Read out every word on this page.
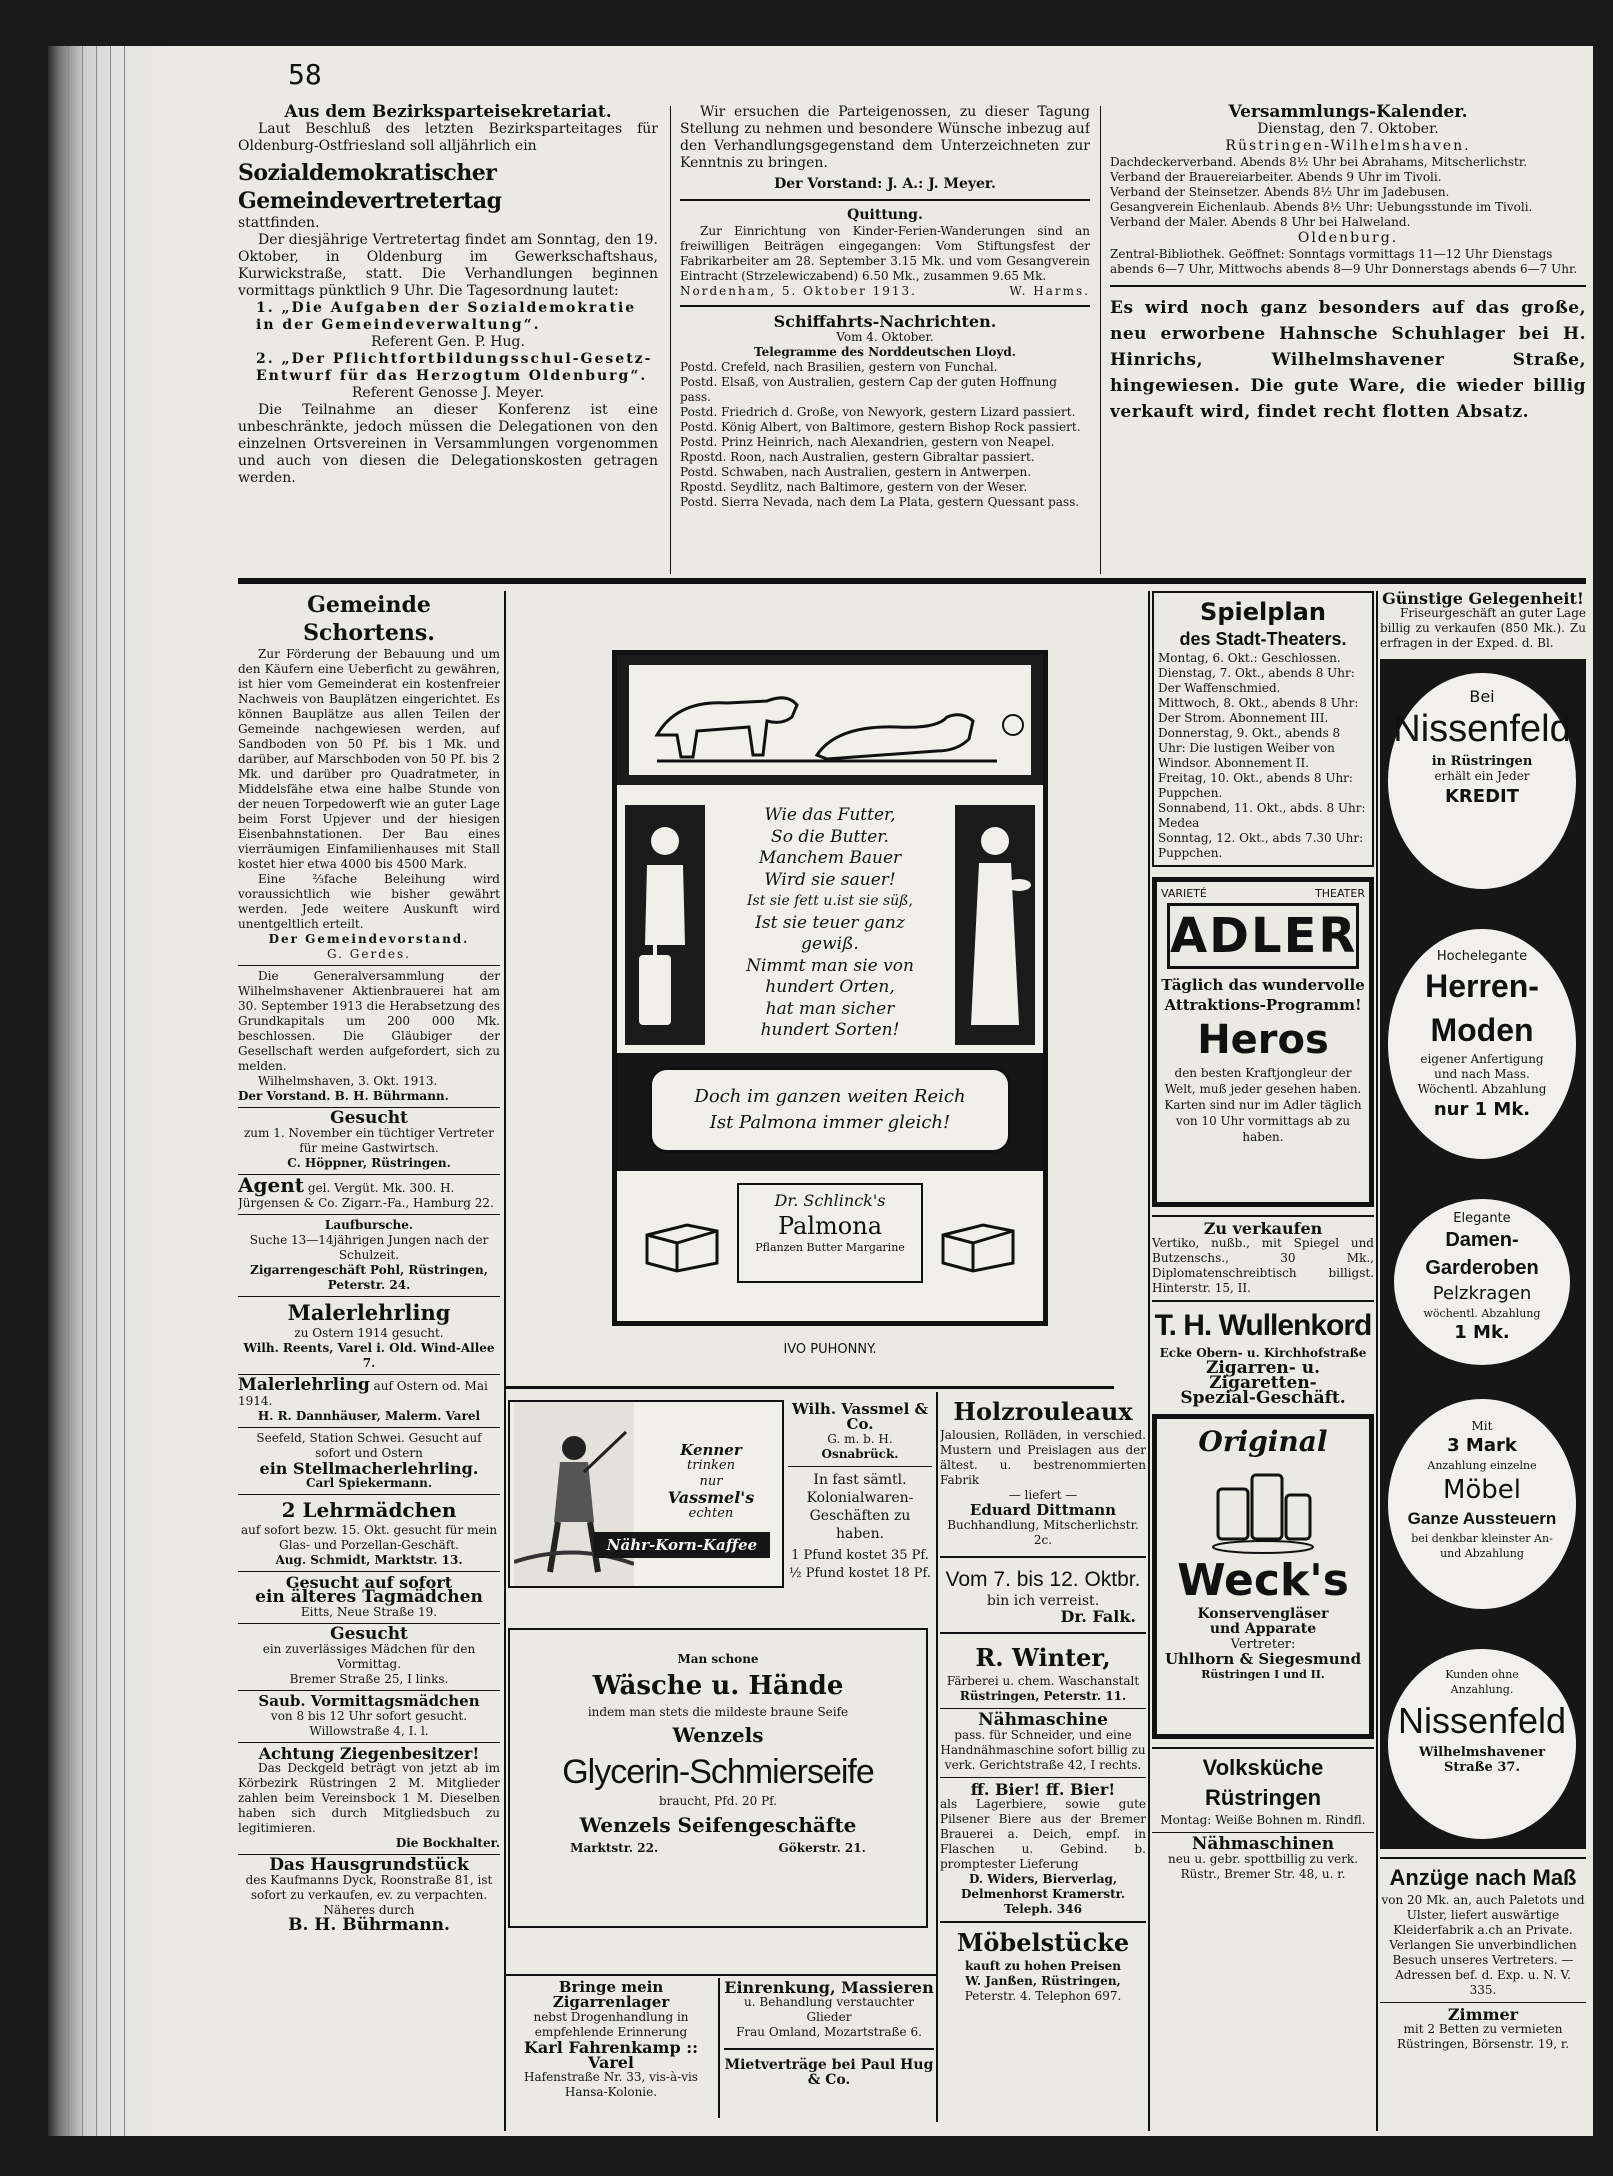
58

Aus dem Bezirksparteisekretariat.

Laut Beschluß des letzten Bezirksparteitages für Oldenburg-Ostfriesland soll alljährlich ein

Sozialdemokratischer Gemeindevertretertag

stattfinden.

Der diesjährige Vertretertag findet am Sonntag, den 19. Oktober, in Oldenburg im Gewerkschaftshaus, Kurwickstraße, statt. Die Verhandlungen beginnen vormittags pünktlich 9 Uhr. Die Tagesordnung lautet:

1. „Die Aufgaben der Sozialdemokratie in der Gemeindeverwaltung“.

Referent Gen. P. Hug.

2. „Der Pflichtfortbildungsschul-Gesetz-Entwurf für das Herzogtum Oldenburg“.

Referent Genosse J. Meyer.

Die Teilnahme an dieser Konferenz ist eine unbeschränkte, jedoch müssen die Delegationen von den einzelnen Ortsvereinen in Versammlungen vorgenommen und auch von diesen die Delegationskosten getragen werden.

Wir ersuchen die Parteigenossen, zu dieser Tagung Stellung zu nehmen und besondere Wünsche inbezug auf den Verhandlungsgegenstand dem Unterzeichneten zur Kenntnis zu bringen.

Der Vorstand: J. A.: J. Meyer.

Quittung.

Zur Einrichtung von Kinder-Ferien-Wanderungen sind an freiwilligen Beiträgen eingegangen: Vom Stiftungsfest der Fabrikarbeiter am 28. September 3.15 Mk. und vom Gesangverein Eintracht (Strzelewiczabend) 6.50 Mk., zusammen 9.65 Mk.

Nordenham, 5. Oktober 1913.	W. Harms.

Schiffahrts-Nachrichten.

Vom 4. Oktober.

Telegramme des Norddeutschen Lloyd.

Postd. Crefeld, nach Brasilien, gestern von Funchal.

Postd. Elsaß, von Australien, gestern Cap der guten Hoffnung pass.

Postd. Friedrich d. Große, von Newyork, gestern Lizard passiert.

Postd. König Albert, von Baltimore, gestern Bishop Rock passiert.

Postd. Prinz Heinrich, nach Alexandrien, gestern von Neapel.

Rpostd. Roon, nach Australien, gestern Gibraltar passiert.

Postd. Schwaben, nach Australien, gestern in Antwerpen.

Rpostd. Seydlitz, nach Baltimore, gestern von der Weser.

Postd. Sierra Nevada, nach dem La Plata, gestern Quessant pass.

Versammlungs-Kalender.

Dienstag, den 7. Oktober.

Rüstringen-Wilhelmshaven.

Dachdeckerverband. Abends 8½ Uhr bei Abrahams, Mitscherlichstr.

Verband der Brauereiarbeiter. Abends 9 Uhr im Tivoli.

Verband der Steinsetzer. Abends 8½ Uhr im Jadebusen.

Gesangverein Eichenlaub. Abends 8½ Uhr: Uebungsstunde im Tivoli.

Verband der Maler. Abends 8 Uhr bei Halweland.

Oldenburg.

Zentral-Bibliothek. Geöffnet: Sonntags vormittags 11—12 Uhr Dienstags abends 6—7 Uhr, Mittwochs abends 8—9 Uhr Donnerstags abends 6—7 Uhr.

Es wird noch ganz besonders auf das große, neu erworbene Hahnsche Schuhlager bei H. Hinrichs, Wilhelmshavener Straße, hingewiesen. Die gute Ware, die wieder billig verkauft wird, findet recht flotten Absatz.

Gemeinde Schortens.

Zur Förderung der Bebauung und um den Käufern eine Ueberficht zu gewähren, ist hier vom Gemeinderat ein kostenfreier Nachweis von Bauplätzen eingerichtet. Es können Bauplätze aus allen Teilen der Gemeinde nachgewiesen werden, auf Sandboden von 50 Pf. bis 1 Mk. und darüber, auf Marschboden von 50 Pf. bis 2 Mk. und darüber pro Quadratmeter, in Middelsfähe etwa eine halbe Stunde von der neuen Torpedowerft wie an guter Lage beim Forst Upjever und der hiesigen Eisenbahnstationen. Der Bau eines vierräumigen Einfamilienhauses mit Stall kostet hier etwa 4000 bis 4500 Mark.

Eine ⅔fache Beleihung wird voraussichtlich wie bisher gewährt werden. Jede weitere Auskunft wird unentgeltlich erteilt.

Der Gemeindevorstand.

G. Gerdes.

Die Generalversammlung der Wilhelmshavener Aktienbrauerei hat am 30. September 1913 die Herabsetzung des Grundkapitals um 200 000 Mk. beschlossen. Die Gläubiger der Gesellschaft werden aufgefordert, sich zu melden.

Wilhelmshaven, 3. Okt. 1913.

Der Vorstand. B. H. Bührmann.

Gesucht

zum 1. November ein tüchtiger Vertreter für meine Gastwirtsch.

C. Höppner, Rüstringen.

Agent gel. Vergüt. Mk. 300. H. Jürgensen & Co. Zigarr.-Fa., Hamburg 22.

Laufbursche.

Suche 13—14jährigen Jungen nach der Schulzeit.

Zigarrengeschäft Pohl, Rüstringen, Peterstr. 24.

Malerlehrling

zu Ostern 1914 gesucht.

Wilh. Reents, Varel i. Old. Wind-Allee 7.

Malerlehrling auf Ostern od. Mai 1914.

H. R. Dannhäuser, Malerm. Varel

Seefeld, Station Schwei. Gesucht auf sofort und Ostern

ein Stellmacherlehrling.

Carl Spiekermann.

2 Lehrmädchen

auf sofort bezw. 15. Okt. gesucht für mein Glas- und Porzellan-Geschäft.

Aug. Schmidt, Marktstr. 13.

Gesucht auf sofort

ein älteres Tagmädchen

Eitts, Neue Straße 19.

Gesucht

ein zuverlässiges Mädchen für den Vormittag.

Bremer Straße 25, I links.

Saub. Vormittagsmädchen

von 8 bis 12 Uhr sofort gesucht.

Willowstraße 4, I. l.

Achtung Ziegenbesitzer!

Das Deckgeld beträgt von jetzt ab im Körbezirk Rüstringen 2 M. Mitglieder zahlen beim Vereinsbock 1 M. Dieselben haben sich durch Mitgliedsbuch zu legitimieren.

Die Bockhalter.

Das Hausgrundstück

des Kaufmanns Dyck, Roonstraße 81, ist sofort zu verkaufen, ev. zu verpachten. Näheres durch

B. H. Bührmann.

Wie das Futter,

So die Butter.

Manchem Bauer

Wird sie sauer!

Ist sie fett u.ist sie süß,

Ist sie teuer ganz

gewiß.

Nimmt man sie von

hundert Orten,

hat man sicher

hundert Sorten!

Doch im ganzen weiten Reich

Ist Palmona immer gleich!

Dr. Schlinck's

Palmona

Pflanzen Butter Margarine

IVO PUHONNY.

Kenner

trinken

nur

Vassmel's

echten

Nähr-Korn-Kaffee

Wilh. Vassmel & Co.

G. m. b. H.

Osnabrück.

In fast sämtl. Kolonialwaren-Geschäften zu haben.

1 Pfund kostet 35 Pf.

½ Pfund kostet 18 Pf.

Man schone

Wäsche u. Hände

indem man stets die mildeste braune Seife

Wenzels

Glycerin-Schmierseife

braucht, Pfd. 20 Pf.

Wenzels Seifengeschäfte

Marktstr. 22.	Gökerstr. 21.

Bringe mein Zigarrenlager

nebst Drogenhandlung in empfehlende Erinnerung

Karl Fahrenkamp :: Varel

Hafenstraße Nr. 33, vis-à-vis Hansa-Kolonie.

Einrenkung, Massieren

u. Behandlung verstauchter Glieder

Frau Omland, Mozartstraße 6.

Mietverträge bei Paul Hug & Co.

Holzrouleaux

Jalousien, Rolläden, in verschied. Mustern und Preislagen aus der ältest. u. bestrenommierten Fabrik

— liefert —

Eduard Dittmann

Buchhandlung, Mitscherlichstr. 2c.

Vom 7. bis 12. Oktbr.

bin ich verreist.

Dr. Falk.

R. Winter,

Färberei u. chem. Waschanstalt

Rüstringen, Peterstr. 11.

Nähmaschine

pass. für Schneider, und eine Handnähmaschine sofort billig zu verk. Gerichtstraße 42, I rechts.

ff. Bier! ff. Bier!

als Lagerbiere, sowie gute Pilsener Biere aus der Bremer Brauerei a. Deich, empf. in Flaschen u. Gebind. b. promptester Lieferung

D. Widers, Bierverlag, Delmenhorst Kramerstr. Teleph. 346

Möbelstücke

kauft zu hohen Preisen

W. Janßen, Rüstringen,

Peterstr. 4. Telephon 697.

Spielplan

des Stadt-Theaters.

Montag, 6. Okt.: Geschlossen.

Dienstag, 7. Okt., abends 8 Uhr: Der Waffenschmied.

Mittwoch, 8. Okt., abends 8 Uhr: Der Strom. Abonnement III.

Donnerstag, 9. Okt., abends 8 Uhr: Die lustigen Weiber von Windsor. Abonnement II.

Freitag, 10. Okt., abends 8 Uhr: Puppchen.

Sonnabend, 11. Okt., abds. 8 Uhr: Medea

Sonntag, 12. Okt., abds 7.30 Uhr: Puppchen.

VARIETÉ	THEATER

ADLER

Täglich das wundervolle

Attraktions-Programm!

Heros

den besten Kraftjongleur der Welt, muß jeder gesehen haben. Karten sind nur im Adler täglich von 10 Uhr vormittags ab zu haben.

Zu verkaufen

Vertiko, nußb., mit Spiegel und Butzenschs., 30 Mk., Diplomatenschreibtisch billigst. Hinterstr. 15, II.

T. H. Wullenkord

Ecke Obern- u. Kirchhofstraße

Zigarren- u. Zigaretten-

Spezial-Geschäft.

Original

Weck's

Konservengläser

und Apparate

Vertreter:

Uhlhorn & Siegesmund

Rüstringen I und II.

Volksküche Rüstringen

Montag: Weiße Bohnen m. Rindfl.

Nähmaschinen

neu u. gebr. spottbillig zu verk. Rüstr., Bremer Str. 48, u. r.

Günstige Gelegenheit!

Friseurgeschäft an guter Lage billig zu verkaufen (850 Mk.). Zu erfragen in der Exped. d. Bl.

Bei

Nissenfeld

in Rüstringen

erhält ein Jeder

KREDIT

Hochelegante

Herren-Moden

eigener Anfertigung und nach Mass.

Wöchentl. Abzahlung

nur 1 Mk.

Elegante

Damen-Garderoben

Pelzkragen

wöchentl. Abzahlung

1 Mk.

Mit

3 Mark

Anzahlung einzelne

Möbel

Ganze Aussteuern

bei denkbar kleinster An- und Abzahlung

Kunden ohne Anzahlung.

Nissenfeld

Wilhelmshavener Straße 37.

Anzüge nach Maß

von 20 Mk. an, auch Paletots und Ulster, liefert auswärtige Kleiderfabrik a.ch an Private. Verlangen Sie unverbindlichen Besuch unseres Vertreters. — Adressen bef. d. Exp. u. N. V. 335.

Zimmer

mit 2 Betten zu vermieten Rüstringen, Börsenstr. 19, r.
